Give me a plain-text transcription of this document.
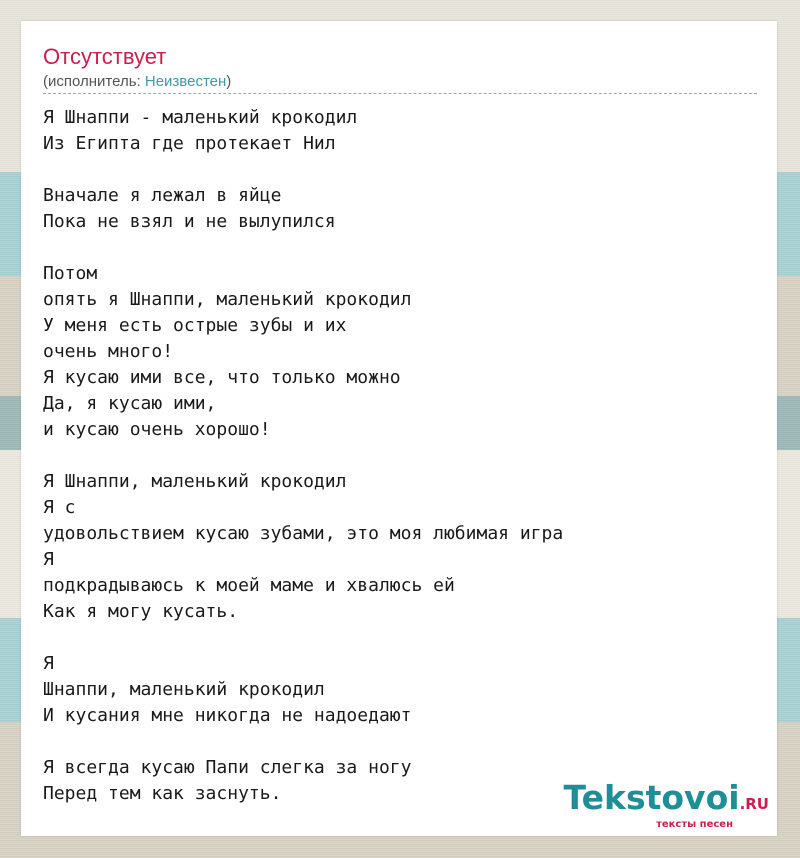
Отсутствует
(исполнитель: Неизвестен)
Я Шнаппи - маленький крокодил
Из Египта где протекает Нил

Вначале я лежал в яйце
Пока не взял и не вылупился

Потом
опять я Шнаппи, маленький крокодил
У меня есть острые зубы и их
очень много!
Я кусаю ими все, что только можно
Да, я кусаю ими,
и кусаю очень хорошо!

Я Шнаппи, маленький крокодил
Я с
удовольствием кусаю зубами, это моя любимая игра
Я
подкрадываюсь к моей маме и хвалюсь ей
Как я могу кусать.

Я
Шнаппи, маленький крокодил
И кусания мне никогда не надоедают

Я всегда кусаю Папи слегка за ногу
Перед тем как заснуть.	Tekstovoi.RU
тексты песен
